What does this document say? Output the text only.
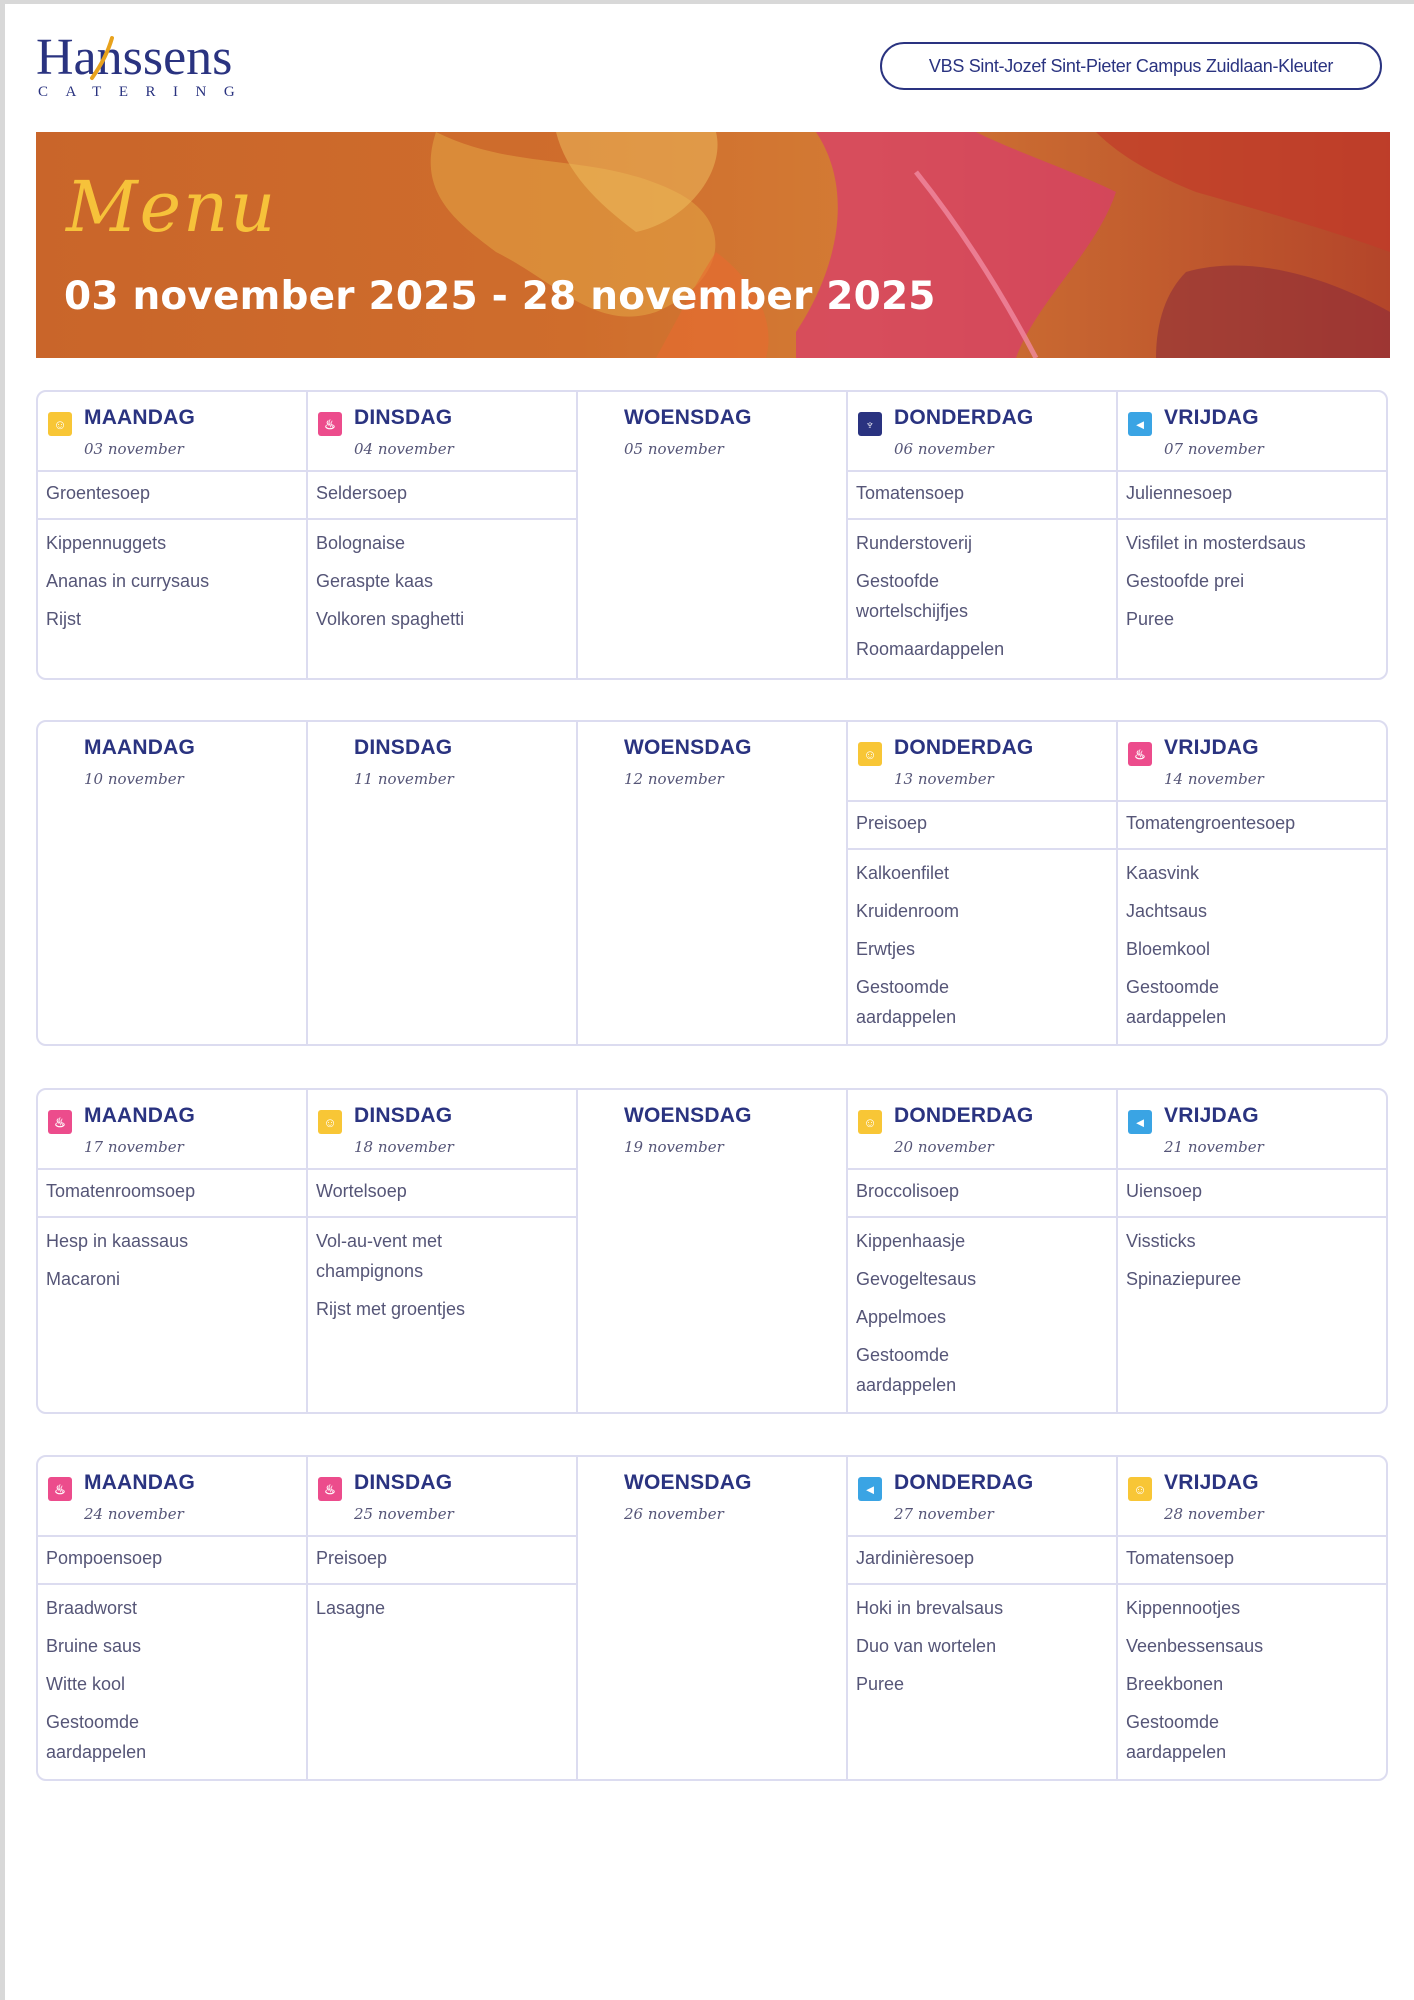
Hanssens
CATERING
VBS Sint-Jozef Sint-Pieter Campus Zuidlaan-Kleuter
Menu
03 november 2025 - 28 november 2025
☺ MAANDAG
03 november
Groentesoep
Kippennuggets
Ananas in currysaus
Rijst
♨ DINSDAG
04 november
Seldersoep
Bolognaise
Geraspte kaas
Volkoren spaghetti
WOENSDAG
05 november
♆ DONDERDAG
06 november
Tomatensoep
Runderstoverij
Gestoofde wortelschijfjes
Roomaardappelen
◄ VRIJDAG
07 november
Juliennesoep
Visfilet in mosterdsaus
Gestoofde prei
Puree
MAANDAG
10 november
DINSDAG
11 november
WOENSDAG
12 november
☺ DONDERDAG
13 november
Preisoep
Kalkoenfilet
Kruidenroom
Erwtjes
Gestoomde aardappelen
♨ VRIJDAG
14 november
Tomatengroentesoep
Kaasvink
Jachtsaus
Bloemkool
Gestoomde aardappelen
♨ MAANDAG
17 november
Tomatenroomsoep
Hesp in kaassaus
Macaroni
☺ DINSDAG
18 november
Wortelsoep
Vol-au-vent met champignons
Rijst met groentjes
WOENSDAG
19 november
☺ DONDERDAG
20 november
Broccolisoep
Kippenhaasje
Gevogeltesaus
Appelmoes
Gestoomde aardappelen
◄ VRIJDAG
21 november
Uiensoep
Vissticks
Spinaziepuree
♨ MAANDAG
24 november
Pompoensoep
Braadworst
Bruine saus
Witte kool
Gestoomde aardappelen
♨ DINSDAG
25 november
Preisoep
Lasagne
WOENSDAG
26 november
◄ DONDERDAG
27 november
Jardinièresoep
Hoki in brevalsaus
Duo van wortelen
Puree
☺ VRIJDAG
28 november
Tomatensoep
Kippennootjes
Veenbessensaus
Breekbonen
Gestoomde aardappelen
